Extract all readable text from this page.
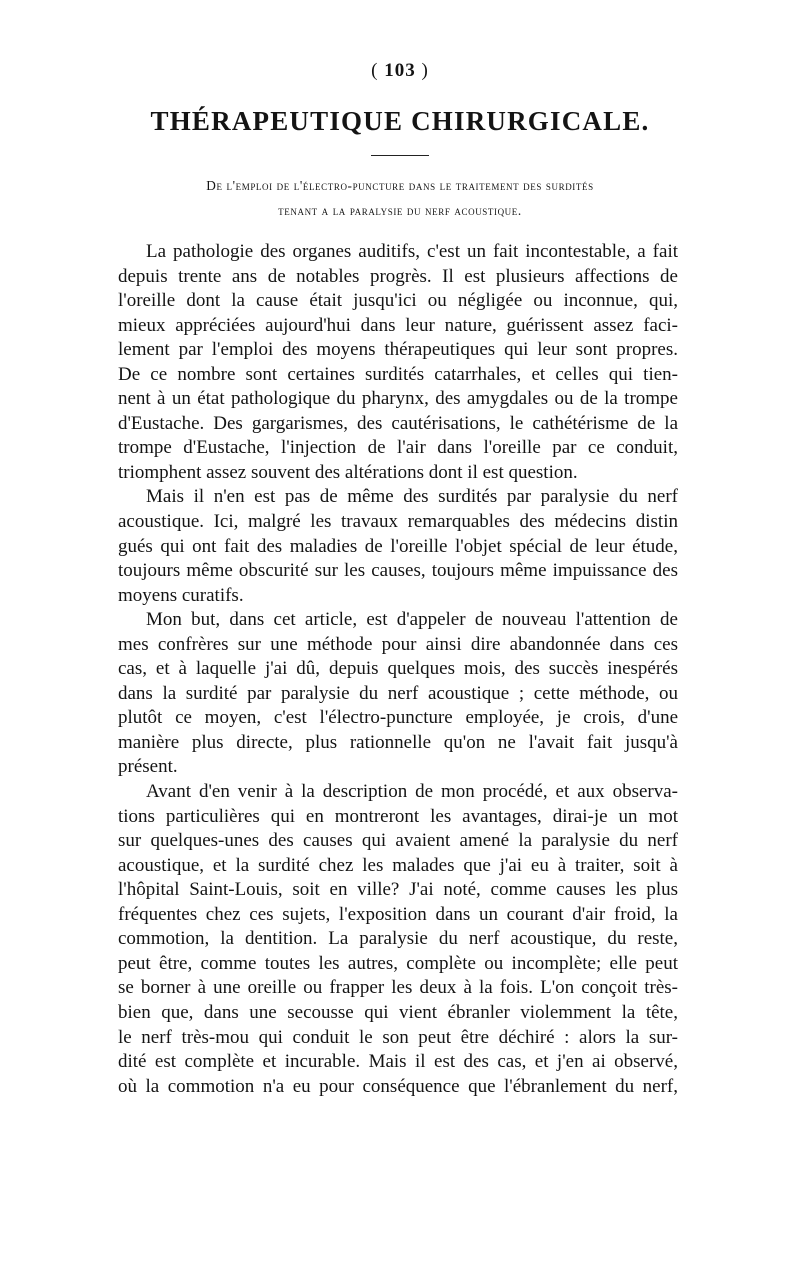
( 103 )
THÉRAPEUTIQUE CHIRURGICALE.
De l'emploi de l'électro-puncture dans le traitement des surdités
tenant a la paralysie du nerf acoustique.
La pathologie des organes auditifs, c'est un fait incontestable, a fait
depuis trente ans de notables progrès. Il est plusieurs affections de
l'oreille dont la cause était jusqu'ici ou négligée ou inconnue, qui,
mieux appréciées aujourd'hui dans leur nature, guérissent assez faci-
lement par l'emploi des moyens thérapeutiques qui leur sont propres.
De ce nombre sont certaines surdités catarrhales, et celles qui tien-
nent à un état pathologique du pharynx, des amygdales ou de la trompe
d'Eustache. Des gargarismes, des cautérisations, le cathétérisme de la
trompe d'Eustache, l'injection de l'air dans l'oreille par ce conduit,
triomphent assez souvent des altérations dont il est question.
Mais il n'en est pas de même des surdités par paralysie du nerf
acoustique. Ici, malgré les travaux remarquables des médecins distin
gués qui ont fait des maladies de l'oreille l'objet spécial de leur étude,
toujours même obscurité sur les causes, toujours même impuissance des
moyens curatifs.
Mon but, dans cet article, est d'appeler de nouveau l'attention de
mes confrères sur une méthode pour ainsi dire abandonnée dans ces
cas, et à laquelle j'ai dû, depuis quelques mois, des succès inespérés
dans la surdité par paralysie du nerf acoustique ; cette méthode, ou
plutôt ce moyen, c'est l'électro-puncture employée, je crois, d'une
manière plus directe, plus rationnelle qu'on ne l'avait fait jusqu'à
présent.
Avant d'en venir à la description de mon procédé, et aux observa-
tions particulières qui en montreront les avantages, dirai-je un mot
sur quelques-unes des causes qui avaient amené la paralysie du nerf
acoustique, et la surdité chez les malades que j'ai eu à traiter, soit à
l'hôpital Saint-Louis, soit en ville? J'ai noté, comme causes les plus
fréquentes chez ces sujets, l'exposition dans un courant d'air froid, la
commotion, la dentition. La paralysie du nerf acoustique, du reste,
peut être, comme toutes les autres, complète ou incomplète; elle peut
se borner à une oreille ou frapper les deux à la fois. L'on conçoit très-
bien que, dans une secousse qui vient ébranler violemment la tête,
le nerf très-mou qui conduit le son peut être déchiré : alors la sur-
dité est complète et incurable. Mais il est des cas, et j'en ai observé,
où la commotion n'a eu pour conséquence que l'ébranlement du nerf,
